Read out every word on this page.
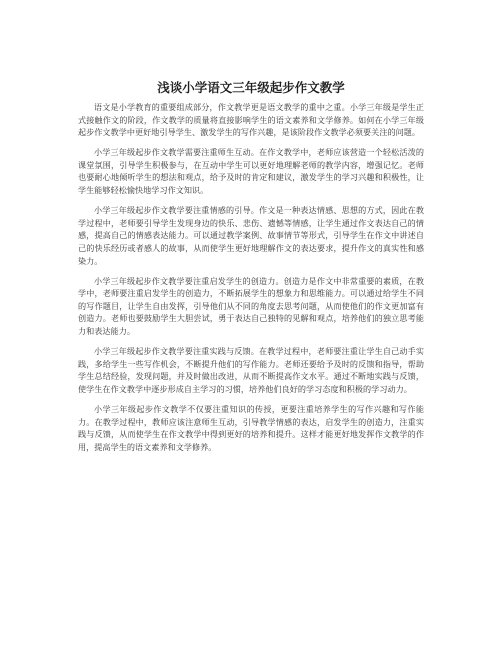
浅谈小学语文三年级起步作文教学

语文是小学教育的重要组成部分，作文教学更是语文教学的重中之重。小学三年级是学生正式接触作文的阶段，作文教学的质量将直接影响学生的语文素养和文学修养。如何在小学三年级起步作文教学中更好地引导学生、激发学生的写作兴趣，是该阶段作文教学必须要关注的问题。

小学三年级起步作文教学需要注重师生互动。在作文教学中，老师应该营造一个轻松活泼的课堂氛围，引导学生积极参与，在互动中学生可以更好地理解老师的教学内容，增强记忆。老师也要耐心地倾听学生的想法和观点，给予及时的肯定和建议，激发学生的学习兴趣和积极性，让学生能够轻松愉快地学习作文知识。

小学三年级起步作文教学要注重情感的引导。作文是一种表达情感、思想的方式，因此在教学过程中，老师要引导学生发现身边的快乐、悲伤、遗憾等情感，让学生通过作文表达自己的情感，提高自己的情感表达能力。可以通过教学案例、故事情节等形式，引导学生在作文中讲述自己的快乐经历或者感人的故事，从而使学生更好地理解作文的表达要求，提升作文的真实性和感染力。

小学三年级起步作文教学要注重启发学生的创造力。创造力是作文中非常重要的素质，在教学中，老师要注重启发学生的创造力，不断拓展学生的想象力和思维能力。可以通过给学生不同的写作题目，让学生自由发挥，引导他们从不同的角度去思考问题，从而使他们的作文更加富有创造力。老师也要鼓励学生大胆尝试，勇于表达自己独特的见解和观点，培养他们的独立思考能力和表达能力。

小学三年级起步作文教学要注重实践与反馈。在教学过程中，老师要注重让学生自己动手实践，多给学生一些写作机会，不断提升他们的写作能力。老师还要给予及时的反馈和指导，帮助学生总结经验，发现问题，并及时做出改进，从而不断提高作文水平。通过不断地实践与反馈，使学生在作文教学中逐步形成自主学习的习惯，培养他们良好的学习态度和积极的学习动力。

小学三年级起步作文教学不仅要注重知识的传授，更要注重培养学生的写作兴趣和写作能力。在教学过程中，教师应该注意师生互动，引导教学情感的表达，启发学生的创造力，注重实践与反馈，从而使学生在作文教学中得到更好的培养和提升。这样才能更好地发挥作文教学的作用，提高学生的语文素养和文学修养。
